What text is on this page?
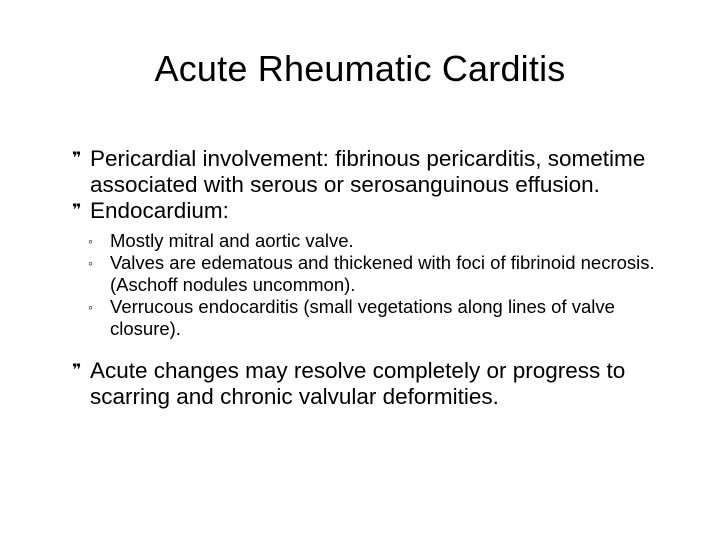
Acute Rheumatic Carditis
❞ Pericardial involvement: fibrinous pericarditis, sometime associated with serous or serosanguinous effusion.
❞ Endocardium:
◦ Mostly mitral and aortic valve.
◦ Valves are edematous and thickened with foci of fibrinoid necrosis. (Aschoff nodules uncommon).
◦ Verrucous endocarditis (small vegetations along lines of valve closure).
❞ Acute changes may resolve completely or progress to scarring and chronic valvular deformities.
